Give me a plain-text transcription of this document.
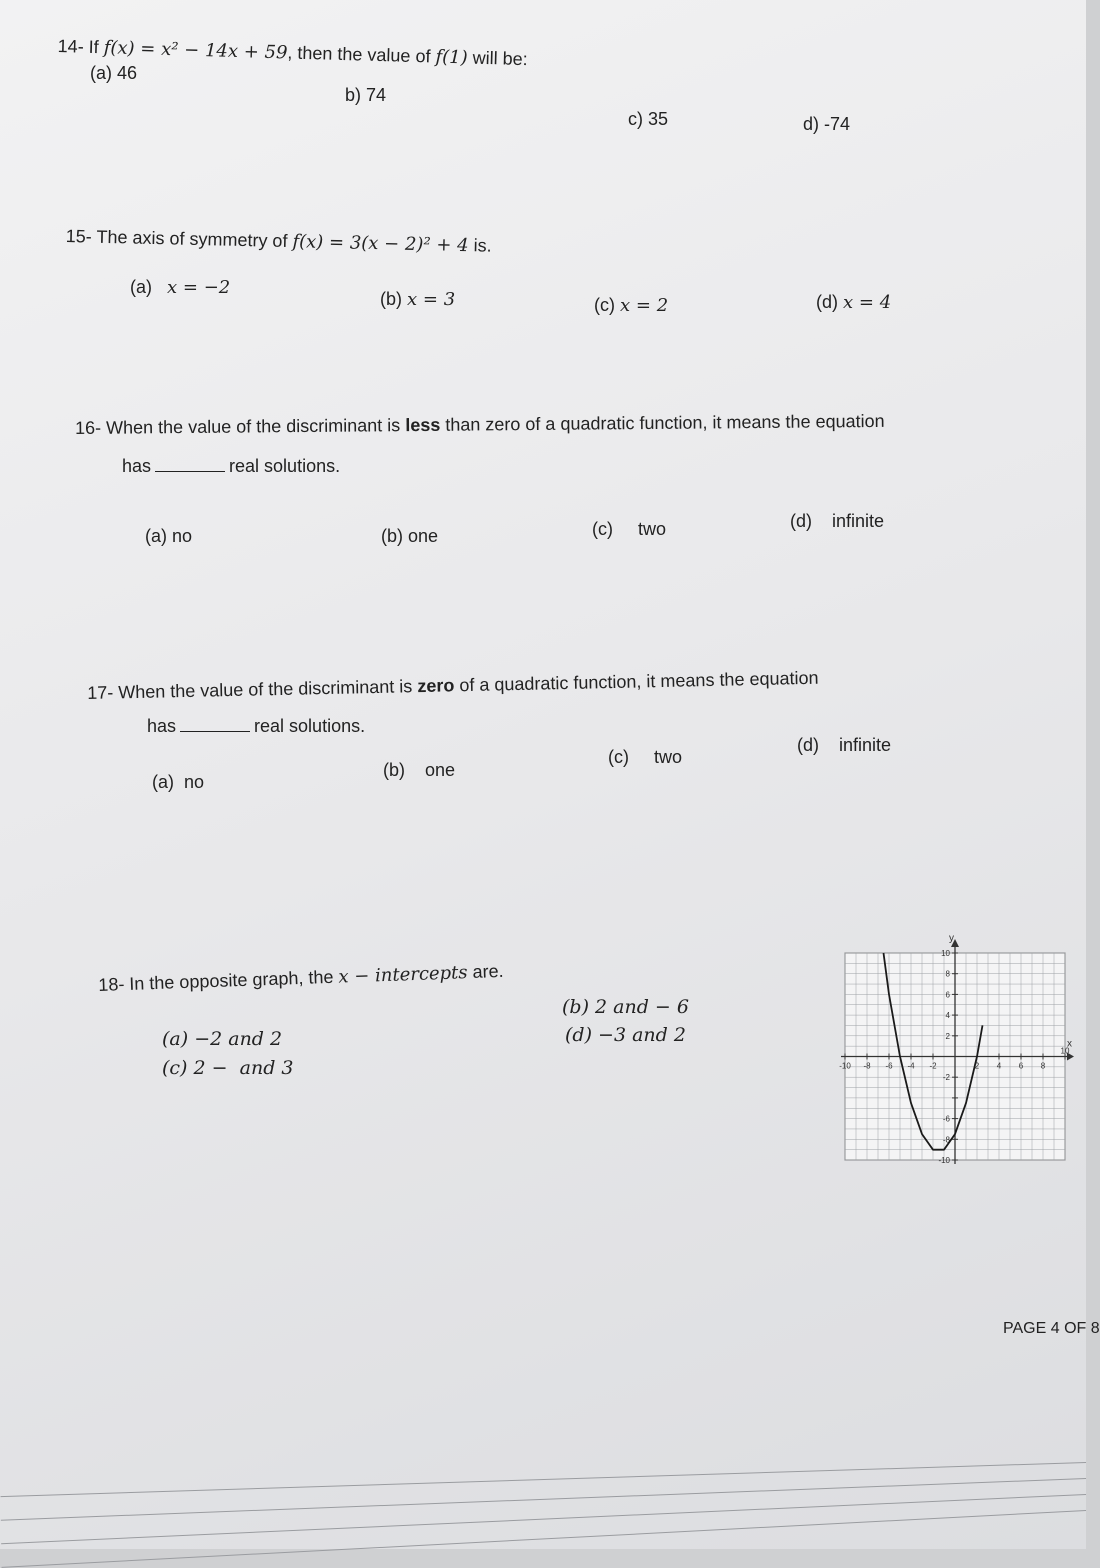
14- If f(x) = x² − 14x + 59, then the value of f(1) will be:
(a) 46
b) 74
c) 35	d) -74
15- The axis of symmetry of f(x) = 3(x − 2)² + 4 is.
(a) x = −2
(b) x = 3	(c) x = 2	(d) x = 4
16- When the value of the discriminant is less than zero of a quadratic function, it means the equation
has	real solutions.
(a) no	(b) one	(c)     two	(d)    infinite
17- When the value of the discriminant is zero of a quadratic function, it means the equation
has	real solutions.
(a)  no
(b)    one
(c)     two
(d)    infinite
18- In the opposite graph, the x − intercepts are.
(a) −2 and 2
(b) 2 and − 6
(c) 2 −  and 3
(d) −3 and 2	x
y
-10 -8 -6 -4 -2	2 4 6 8
10
-10
-8
-6
-2
2
4
6
8
10
PAGE 4 OF 8
